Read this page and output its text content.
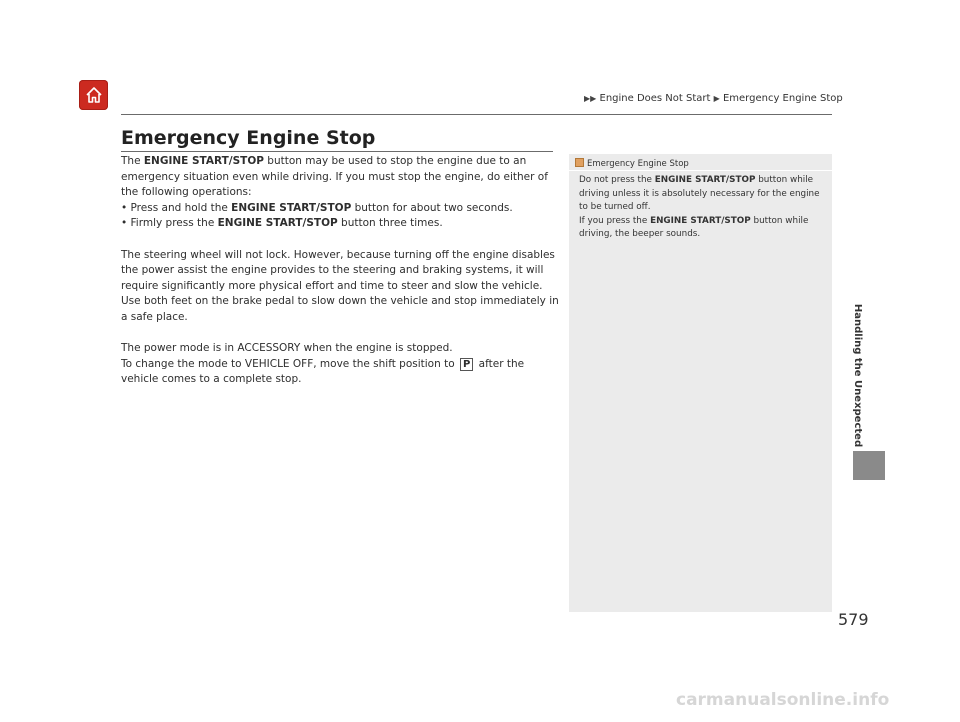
▶▶ Engine Does Not Start ▶ Emergency Engine Stop
Emergency Engine Stop

The ENGINE START/STOP button may be used to stop the engine due to an emergency situation even while driving. If you must stop the engine, do either of the following operations:

• Press and hold the ENGINE START/STOP button for about two seconds.

• Firmly press the ENGINE START/STOP button three times.

The steering wheel will not lock. However, because turning off the engine disables the power assist the engine provides to the steering and braking systems, it will require significantly more physical effort and time to steer and slow the vehicle. Use both feet on the brake pedal to slow down the vehicle and stop immediately in a safe place.

The power mode is in ACCESSORY when the engine is stopped.

To change the mode to VEHICLE OFF, move the shift position to P after the vehicle comes to a complete stop.

Emergency Engine Stop

Do not press the ENGINE START/STOP button while driving unless it is absolutely necessary for the engine to be turned off.

If you press the ENGINE START/STOP button while driving, the beeper sounds.

Handling the Unexpected
579
carmanualsonline.info
